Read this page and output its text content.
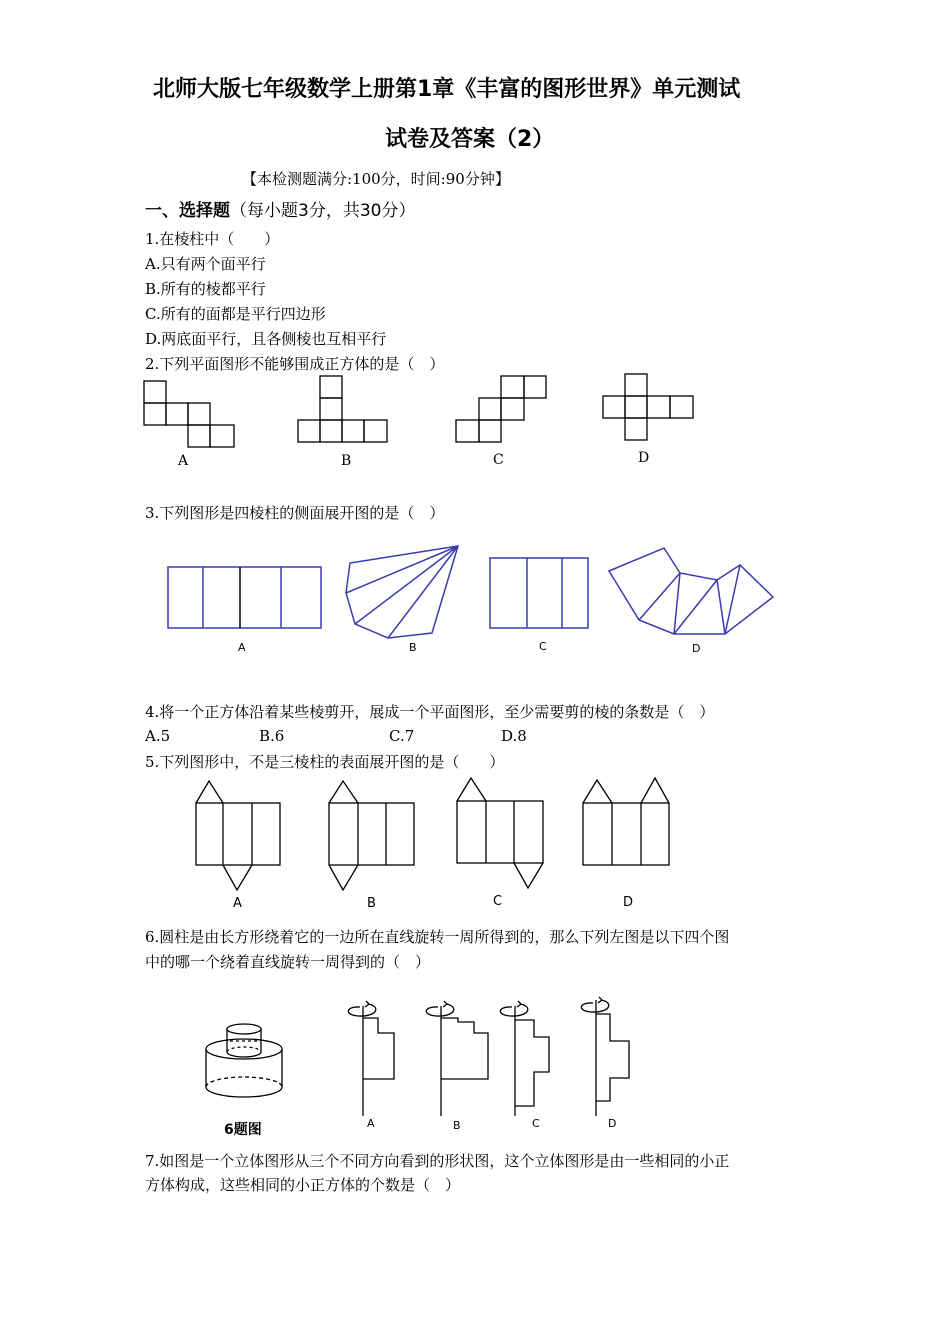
北师大版七年级数学上册第1章《丰富的图形世界》单元测试
试卷及答案（2）
【本检测题满分:100分，时间:90分钟】
一、选择题（每小题3分，共30分）
1.在棱柱中（　　）
A.只有两个面平行
B.所有的棱都平行
C.所有的面都是平行四边形
D.两底面平行，且各侧棱也互相平行
2.下列平面图形不能够围成正方体的是（　）
A	B	C	D
3.下列图形是四棱柱的侧面展开图的是（　）
A	B	C	D
4.将一个正方体沿着某些棱剪开，展成一个平面图形，至少需要剪的棱的条数是（　）
A.5	B.6	C.7	D.8
5.下列图形中，不是三棱柱的表面展开图的是（　　）
A	B	C	D
6.圆柱是由长方形绕着它的一边所在直线旋转一周所得到的，那么下列左图是以下四个图
中的哪一个绕着直线旋转一周得到的（　）
6题图	A	B	C	D
7.如图是一个立体图形从三个不同方向看到的形状图，这个立体图形是由一些相同的小正
方体构成，这些相同的小正方体的个数是（　）
